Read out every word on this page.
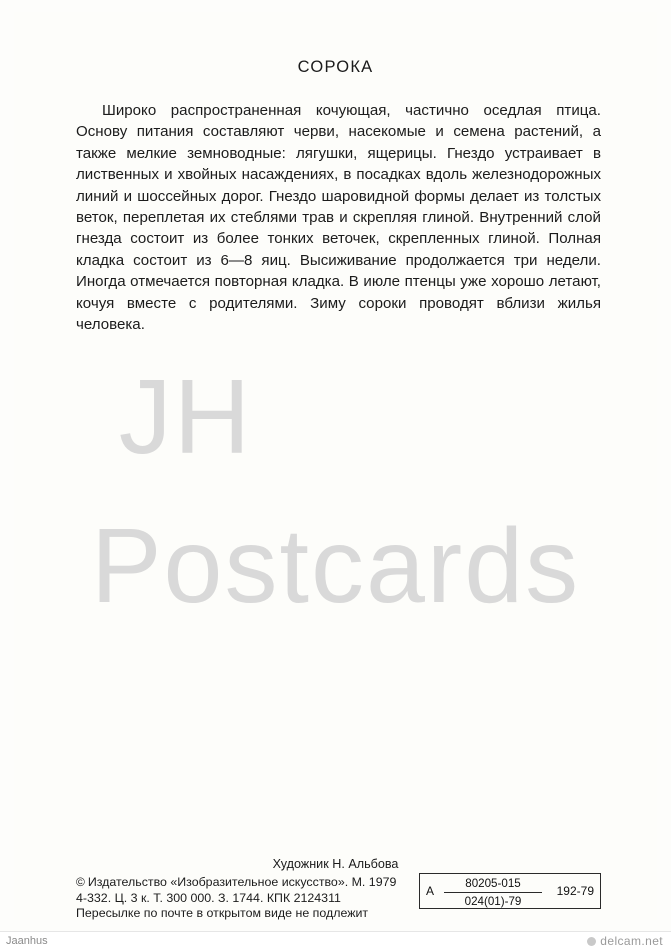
СОРОКА
Широко распространенная кочующая, частично оседлая птица. Основу питания составляют черви, насекомые и семена растений, а также мелкие земноводные: лягушки, ящерицы. Гнездо устраивает в лиственных и хвойных насаждениях, в посадках вдоль железнодорожных линий и шоссейных дорог. Гнездо шаровидной формы делает из толстых веток, переплетая их стеблями трав и скрепляя глиной. Внутренний слой гнезда состоит из более тонких веточек, скрепленных глиной. Полная кладка состоит из 6—8 яиц. Высиживание продолжается три недели. Иногда отмечается повторная кладка. В июле птенцы уже хорошо летают, кочуя вместе с родителями. Зиму сороки проводят вблизи жилья человека.
JH
Postcards
Художник Н. Альбова
© Издательство «Изобразительное искусство». М. 1979
4-332. Ц. 3 к. Т. 300 000. З. 1744. КПК 2124311
Пересылке по почте в открытом виде не подлежит
А $\frac{80205-015}{024(01)-79} 192-79$
Jaanhus	delcam.net
